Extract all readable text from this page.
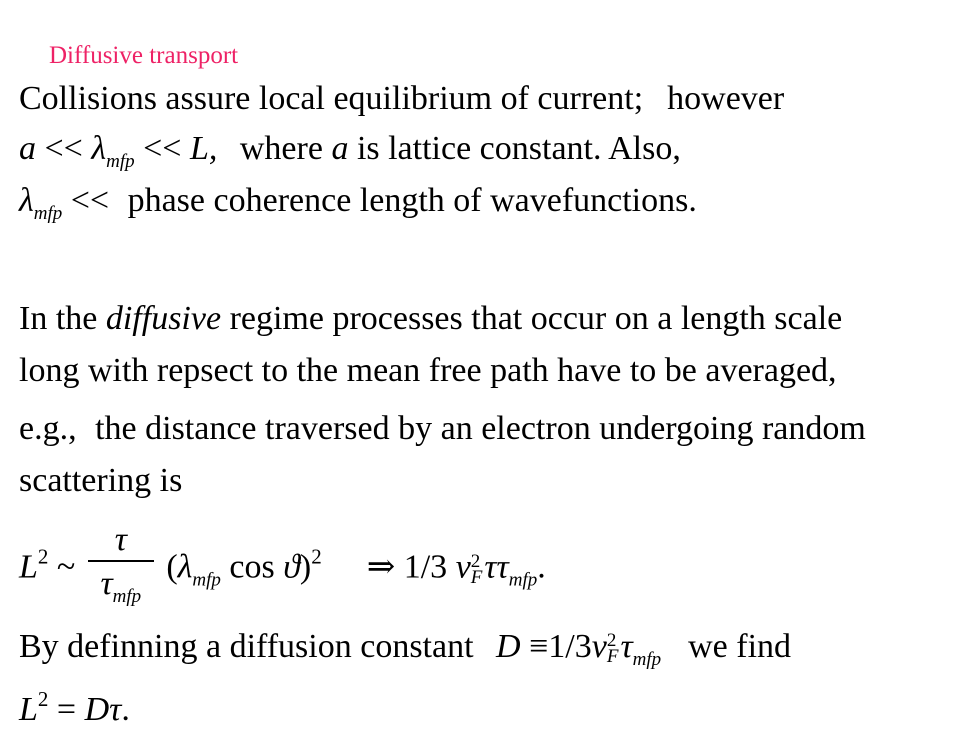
Diffusive transport
Collisions assure local equilibrium of current; however
$a << \lambda_{mfp} << L$, where a is lattice constant. Also,
$\lambda_{mfp}$ << phase coherence length of wavefunctions.
In the diffusive regime processes that occur on a length scale
long with repsect to the mean free path have to be averaged,
e.g., the distance traversed by an electron undergoing random
scattering is
$L^2$ ~ $\frac{\tau}{\tau_{mfp}} (\lambda_{mfp}$ cos ϑ)$^2$ ⇒ 1/3 v 2
F $\tau\tau_{mfp}$.
By definning a diffusion constant D ≡1/3v 2
F $\tau_{mfp}$ we find
$L^2 = D\tau$.
